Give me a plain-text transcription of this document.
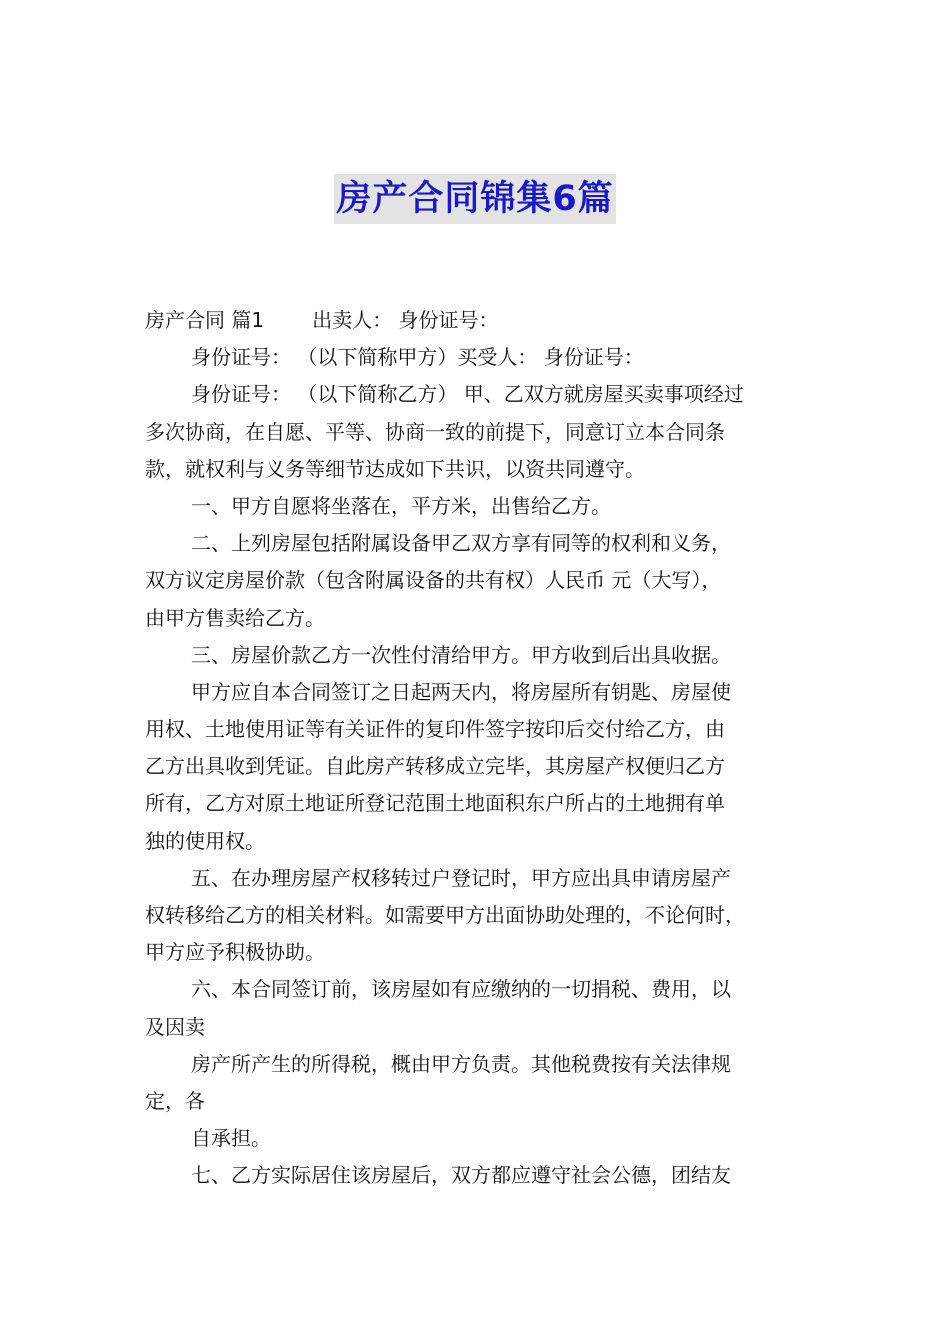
房产合同锦集6篇
房产合同 篇1 出卖人： 身份证号：
身份证号： （以下简称甲方）买受人： 身份证号：
身份证号： （以下简称乙方） 甲、乙双方就房屋买卖事项经过
多次协商，在自愿、平等、协商一致的前提下，同意订立本合同条
款，就权利与义务等细节达成如下共识，以资共同遵守。
一、甲方自愿将坐落在，平方米，出售给乙方。
二、上列房屋包括附属设备甲乙双方享有同等的权利和义务，
双方议定房屋价款（包含附属设备的共有权）人民币 元（大写），
由甲方售卖给乙方。
三、房屋价款乙方一次性付清给甲方。甲方收到后出具收据。
甲方应自本合同签订之日起两天内，将房屋所有钥匙、房屋使
用权、土地使用证等有关证件的复印件签字按印后交付给乙方，由
乙方出具收到凭证。自此房产转移成立完毕，其房屋产权便归乙方
所有，乙方对原土地证所登记范围土地面积东户所占的土地拥有单
独的使用权。
五、在办理房屋产权移转过户登记时，甲方应出具申请房屋产
权转移给乙方的相关材料。如需要甲方出面协助处理的，不论何时，
甲方应予积极协助。
六、本合同签订前，该房屋如有应缴纳的一切捐税、费用，以
及因卖
房产所产生的所得税，概由甲方负责。其他税费按有关法律规
定，各
自承担。
七、乙方实际居住该房屋后，双方都应遵守社会公德，团结友
